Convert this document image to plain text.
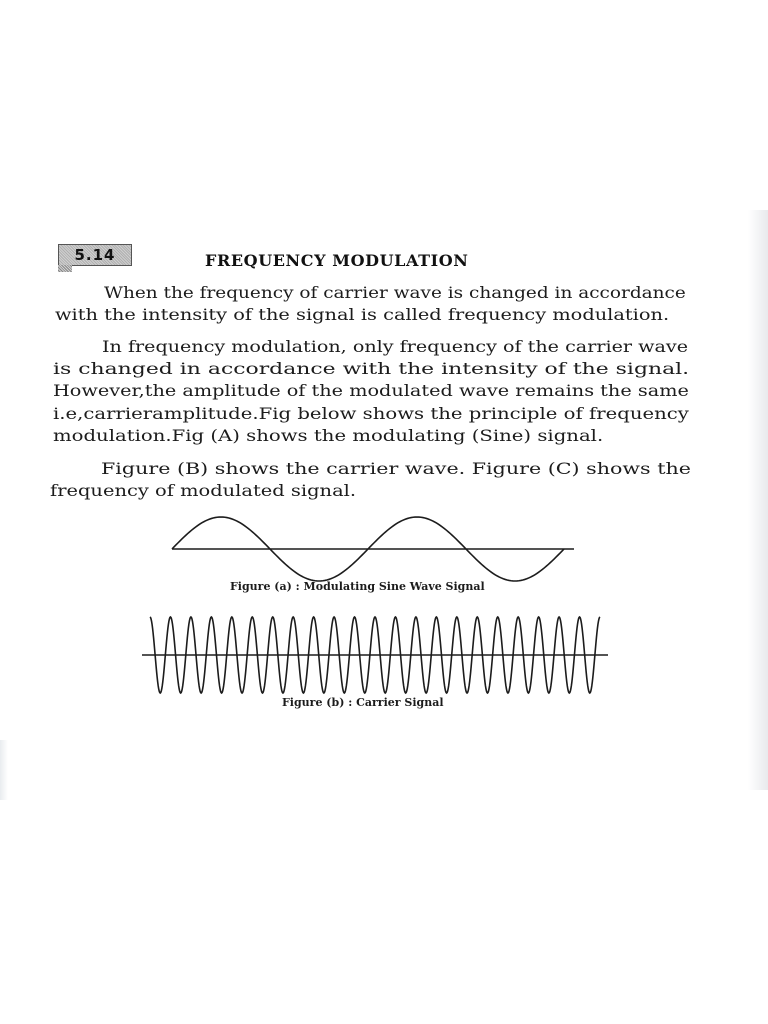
5.14	FREQUENCY MODULATION
When the frequency of carrier wave is changed in accordance
with the intensity of the signal is called frequency modulation.
In frequency modulation, only frequency of the carrier wave
is changed in accordance with the intensity of the signal.
However,the amplitude of the modulated wave remains the same
i.e,carrieramplitude.Fig below shows the principle of frequency
modulation.Fig (A) shows the modulating (Sine) signal.
Figure (B) shows the carrier wave. Figure (C) shows the
frequency of modulated signal.
Figure (a) : Modulating Sine Wave Signal
Figure (b) : Carrier Signal
